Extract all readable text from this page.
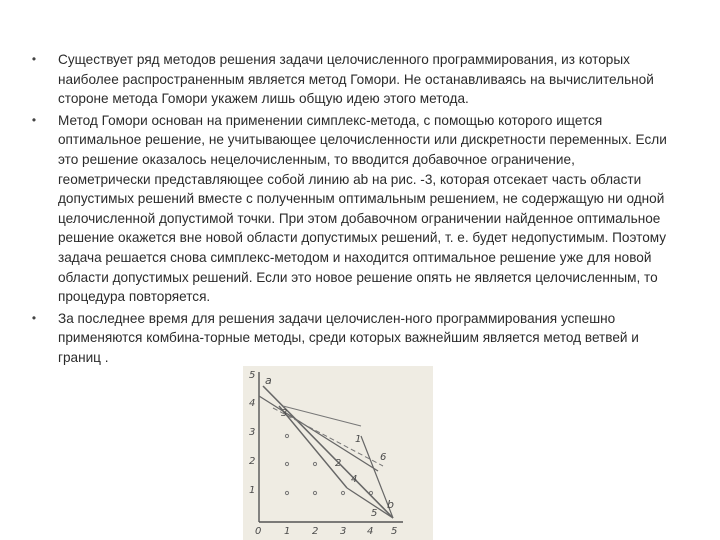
• Существует ряд методов решения задачи целочисленного программирования, из которых наиболее распространенным является метод Гомори. Не останавливаясь на вычислительной стороне метода Гомори укажем лишь общую идею этого метода.
• Метод Гомори основан на применении симплекс-метода, с помощью которого ищется оптимальное решение, не учитывающее целочисленности или дискретности переменных. Если это решение оказалось нецелочисленным, то вводится добавочное ограничение, геометрически представляющее собой линию ab на рис. -3, которая отсекает часть области допустимых решений вместе с полученным оптимальным решением, не содержащую ни одной целочисленной допустимой точки. При этом добавочном ограничении найденное оптимальное решение окажется вне новой области допустимых решений, т. е. будет недопустимым. Поэтому задача решается снова симплекс-методом и находится оптимальное решение уже для новой области допустимых решений. Если это новое решение опять не является целочисленным, то процедура повторяется.
• За последнее время для решения задачи целочислен-ного программирования успешно применяются комбина-торные методы, среди которых важнейшим является метод ветвей и границ .
5
4
3
2
1
0 1 2 3 4 5
a
b
3
1
2
6
4
5
